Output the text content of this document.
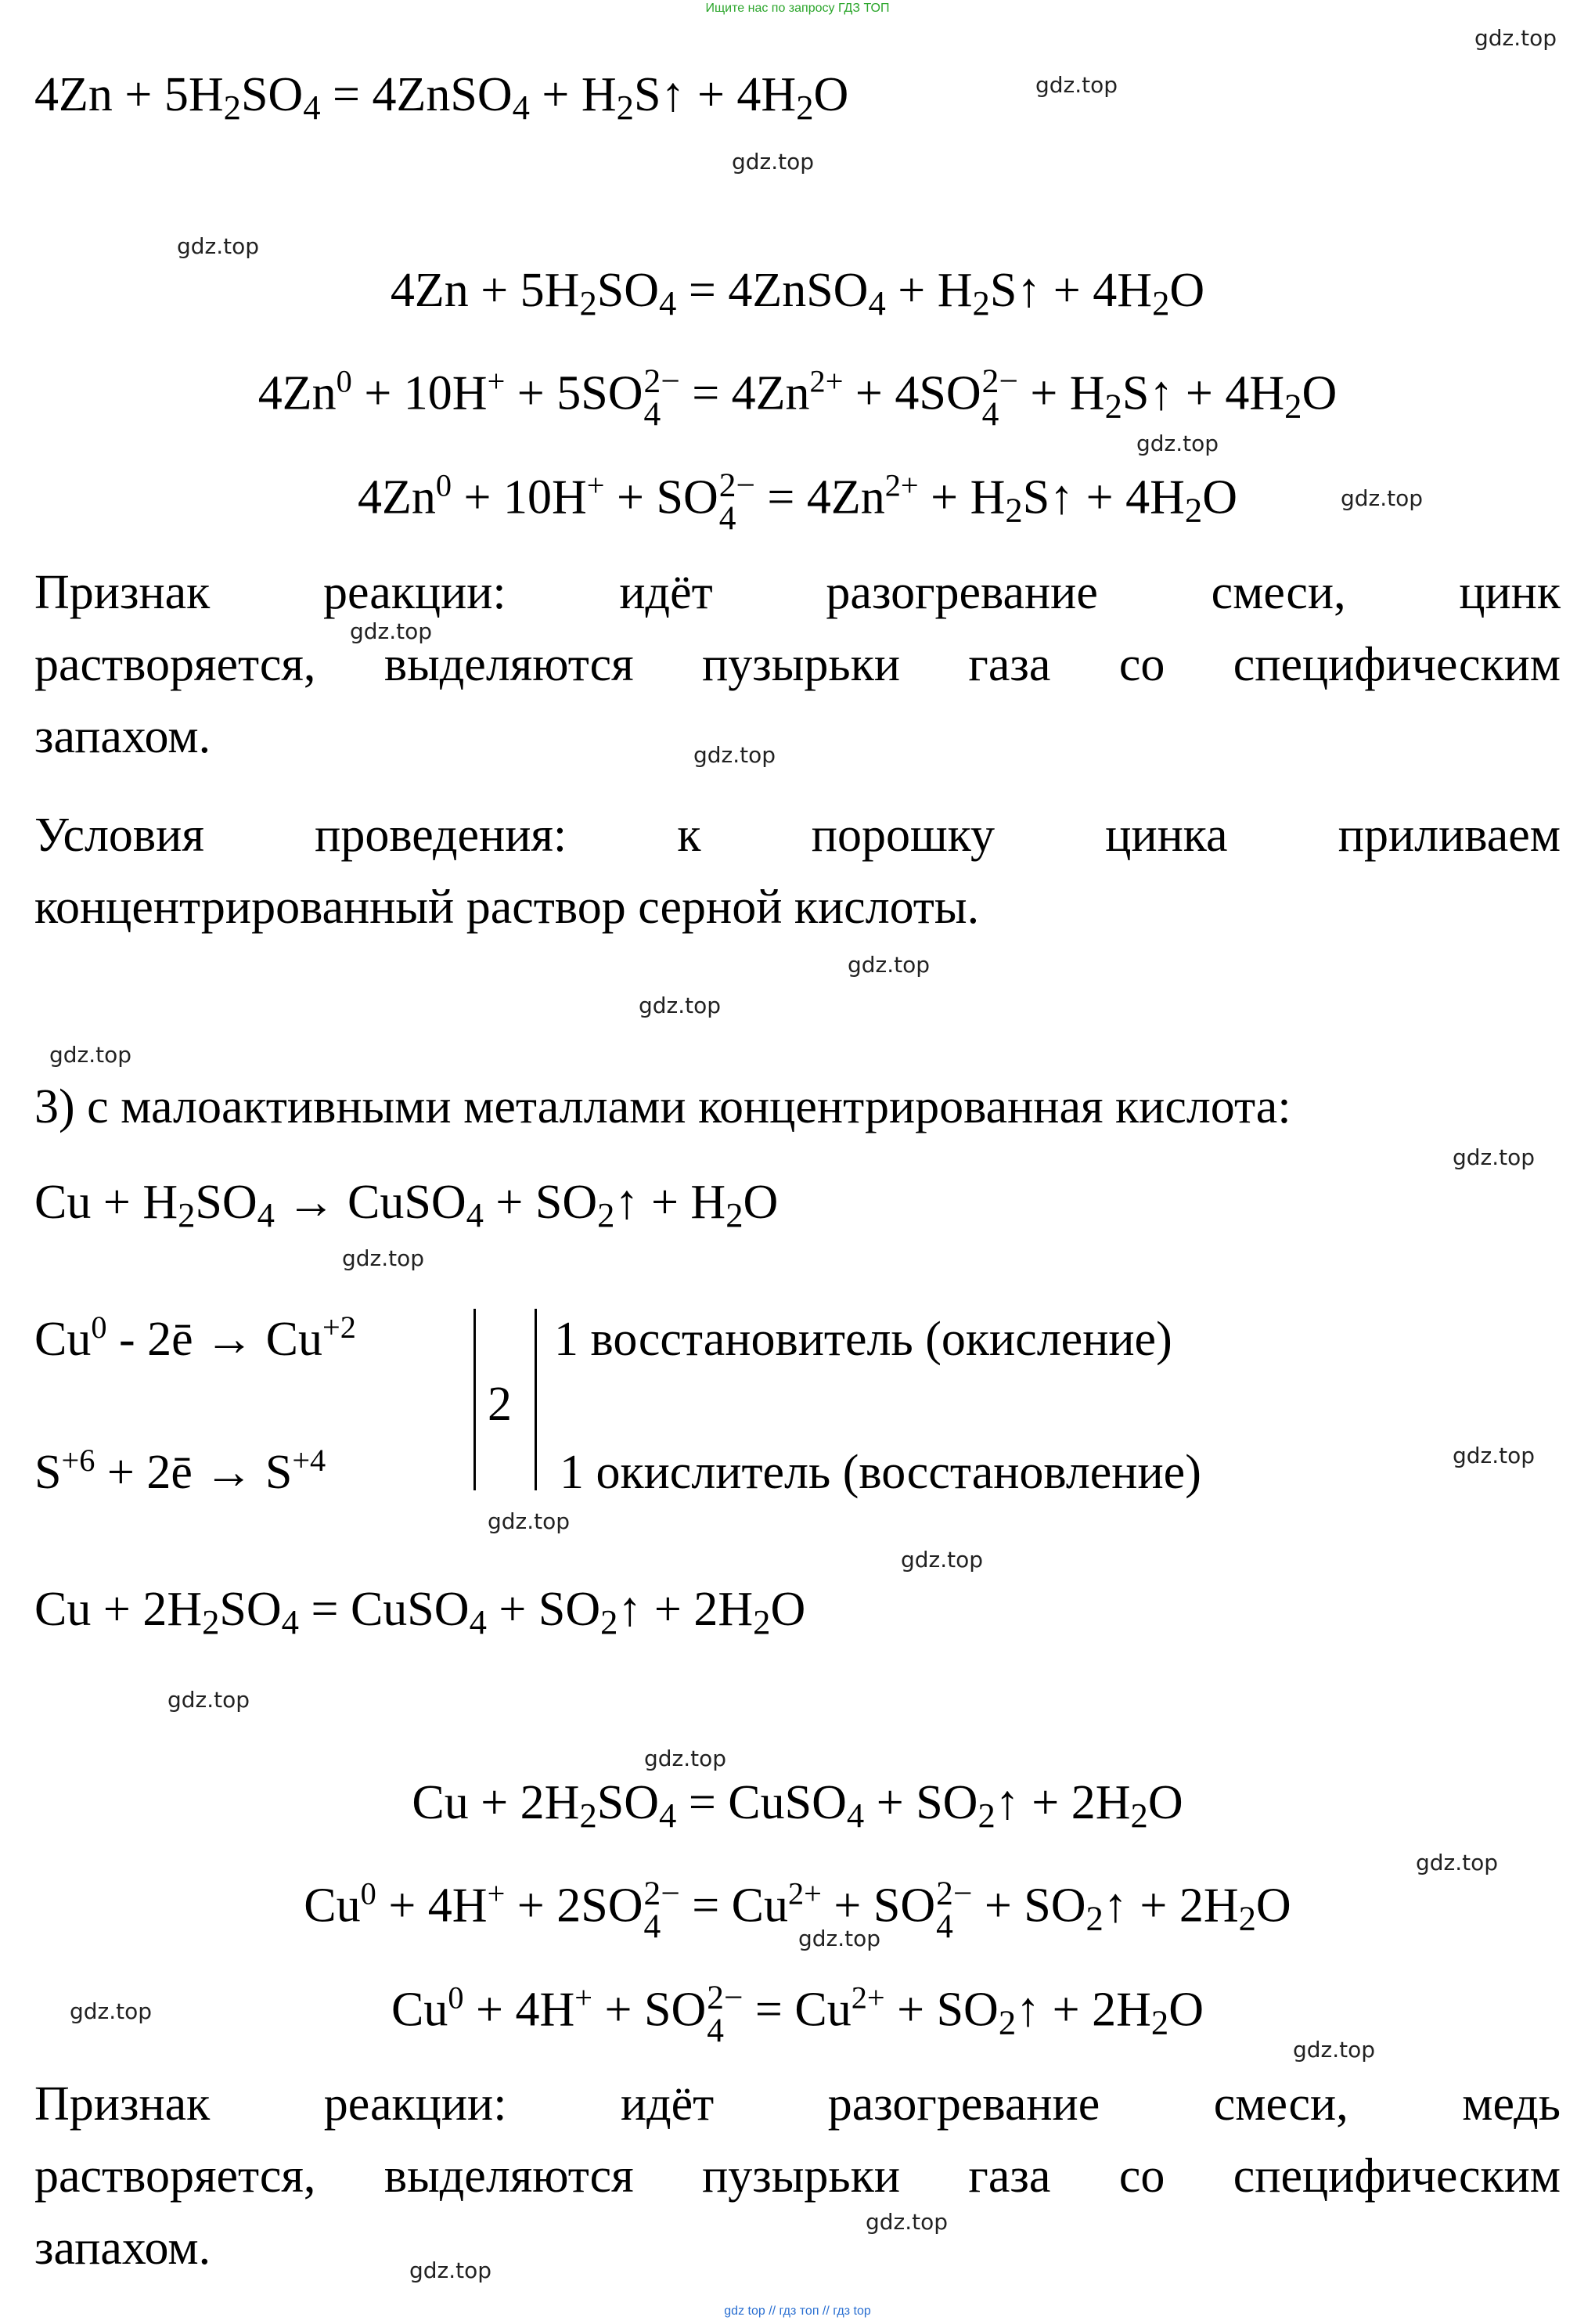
Ищите нас по запросу ГДЗ ТОП
$4Zn + 5H_2SO_4$ = 4ZnSO$_4$ + $H_2S↑ + 4H_2O$
$4Zn + 5H_2SO_4$ = 4ZnSO$_4$ + $H_2S↑ + 4H_2O$
$4Zn^0 + 10H^+ + 5SO$ 2−
$4 = 4Zn^{2+} + 4SO$ 2−
$4 + H_2S↑ + 4H_2O$
$4Zn^0 + 10H^+$ + SO 2−
$4 = 4Zn^{2+}$ + $H_2S↑ + 4H_2O$
Признак реакции: идёт разогревание смеси, цинк
растворяется, выделяются пузырьки газа со специфическим
запахом.
Условия проведения: к порошку цинка приливаем
концентрированный раствор серной кислоты.
3) с малоактивными металлами концентрированная кислота:
$Cu + H_2SO_4$ → CuSO$_4$ + $SO_2↑ + H_2O$
Cu$^0$ - 2ē → $Cu^{+2}$
$S^{+6}$ + 2ē → $S^{+4}$
2
1 восстановитель (окисление)
1 окислитель (восстановление)
$Cu + 2H_2SO_4$ = CuSO$_4$ + $SO_2↑ + 2H_2O$
$Cu + 2H_2SO_4$ = CuSO$_4$ + $SO_2↑ + 2H_2O$
$Cu^0 + 4H^+ + 2SO$ 2−
$4 = Cu^{2+}$ + SO 2−
$4 + SO_2↑ + 2H_2O$
$Cu^0 + 4H^+$ + SO 2−
$4 = Cu^{2+}$ + $SO_2↑ + 2H_2O$
Признак реакции: идёт разогревание смеси, медь
растворяется, выделяются пузырьки газа со специфическим
запахом.
gdz.top
gdz.top
gdz.top
gdz.top
gdz.top
gdz.top
gdz.top
gdz.top
gdz.top
gdz.top
gdz.top
gdz.top
gdz.top
gdz.top
gdz.top
gdz.top
gdz.top
gdz.top
gdz.top
gdz.top
gdz.top
gdz.top
gdz.top
gdz.top
gdz top // гдз топ // гдз top
